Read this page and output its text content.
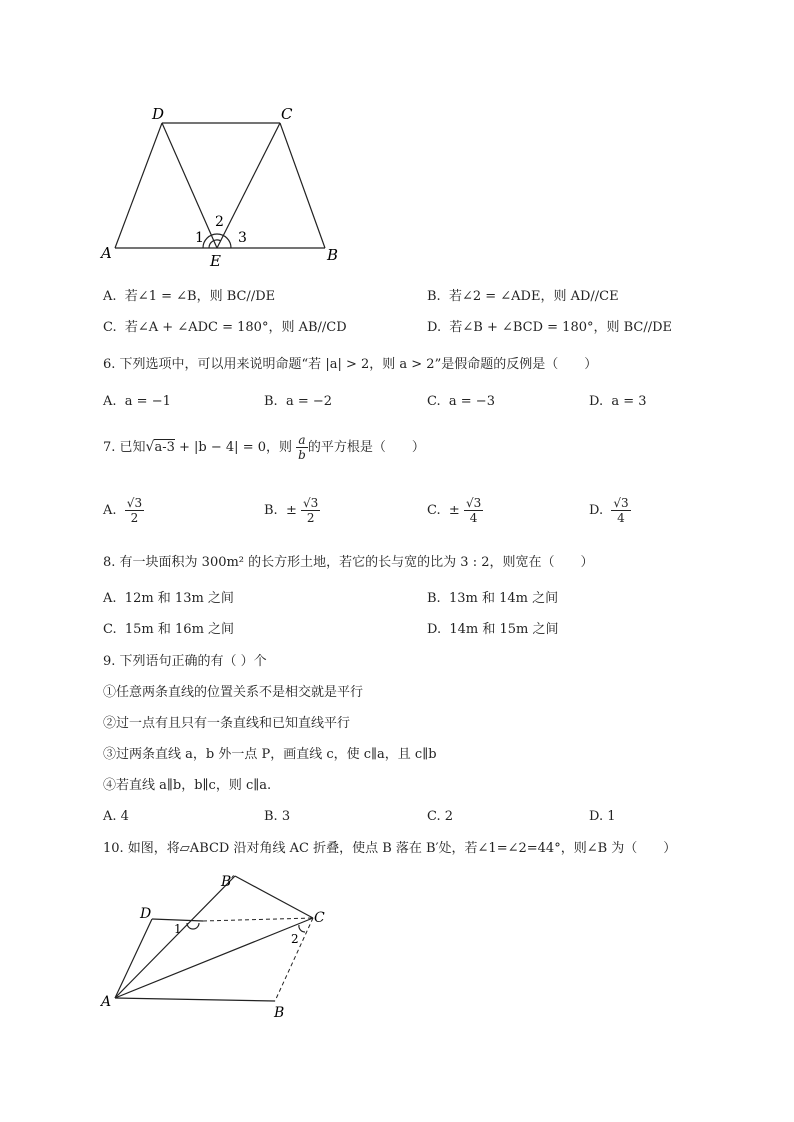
D	C
A	B
E
1
2
3
A. 若∠1 = ∠B，则 BC//DE	B. 若∠2 = ∠ADE，则 AD//CE
C. 若∠A + ∠ADC = 180°，则 AB//CD	D. 若∠B + ∠BCD = 180°，则 BC//DE
6. 下列选项中，可以用来说明命题“若 |a| > 2，则 a > 2”是假命题的反例是（　　）
A. a = −1	B. a = −2	C. a = −3	D. a = 3
7. 已知√a-3 + |b − 4| = 0，则 $\frac{a}{b}$ 的平方根是（　　）
A. $\frac{√3}{2}$	B. ± $\frac{√3}{2}$	C. ± $\frac{√3}{4}$	D. $\frac{√3}{4}$
8. 有一块面积为 300m² 的长方形土地，若它的长与宽的比为 3 : 2，则宽在（　　）
A. 12m 和 13m 之间	B. 13m 和 14m 之间
C. 15m 和 16m 之间	D. 14m 和 15m 之间
9. 下列语句正确的有（ ）个
①任意两条直线的位置关系不是相交就是平行
②过一点有且只有一条直线和已知直线平行
③过两条直线 a，b 外一点 P，画直线 c，使 c∥a，且 c∥b
④若直线 a∥b，b∥c，则 c∥a.
A. 4	B. 3	C. 2	D. 1
10. 如图，将▱ABCD 沿对角线 AC 折叠，使点 B 落在 B′处，若∠1=∠2=44°，则∠B 为（　　）
B′
D	C
A
B
1
2
